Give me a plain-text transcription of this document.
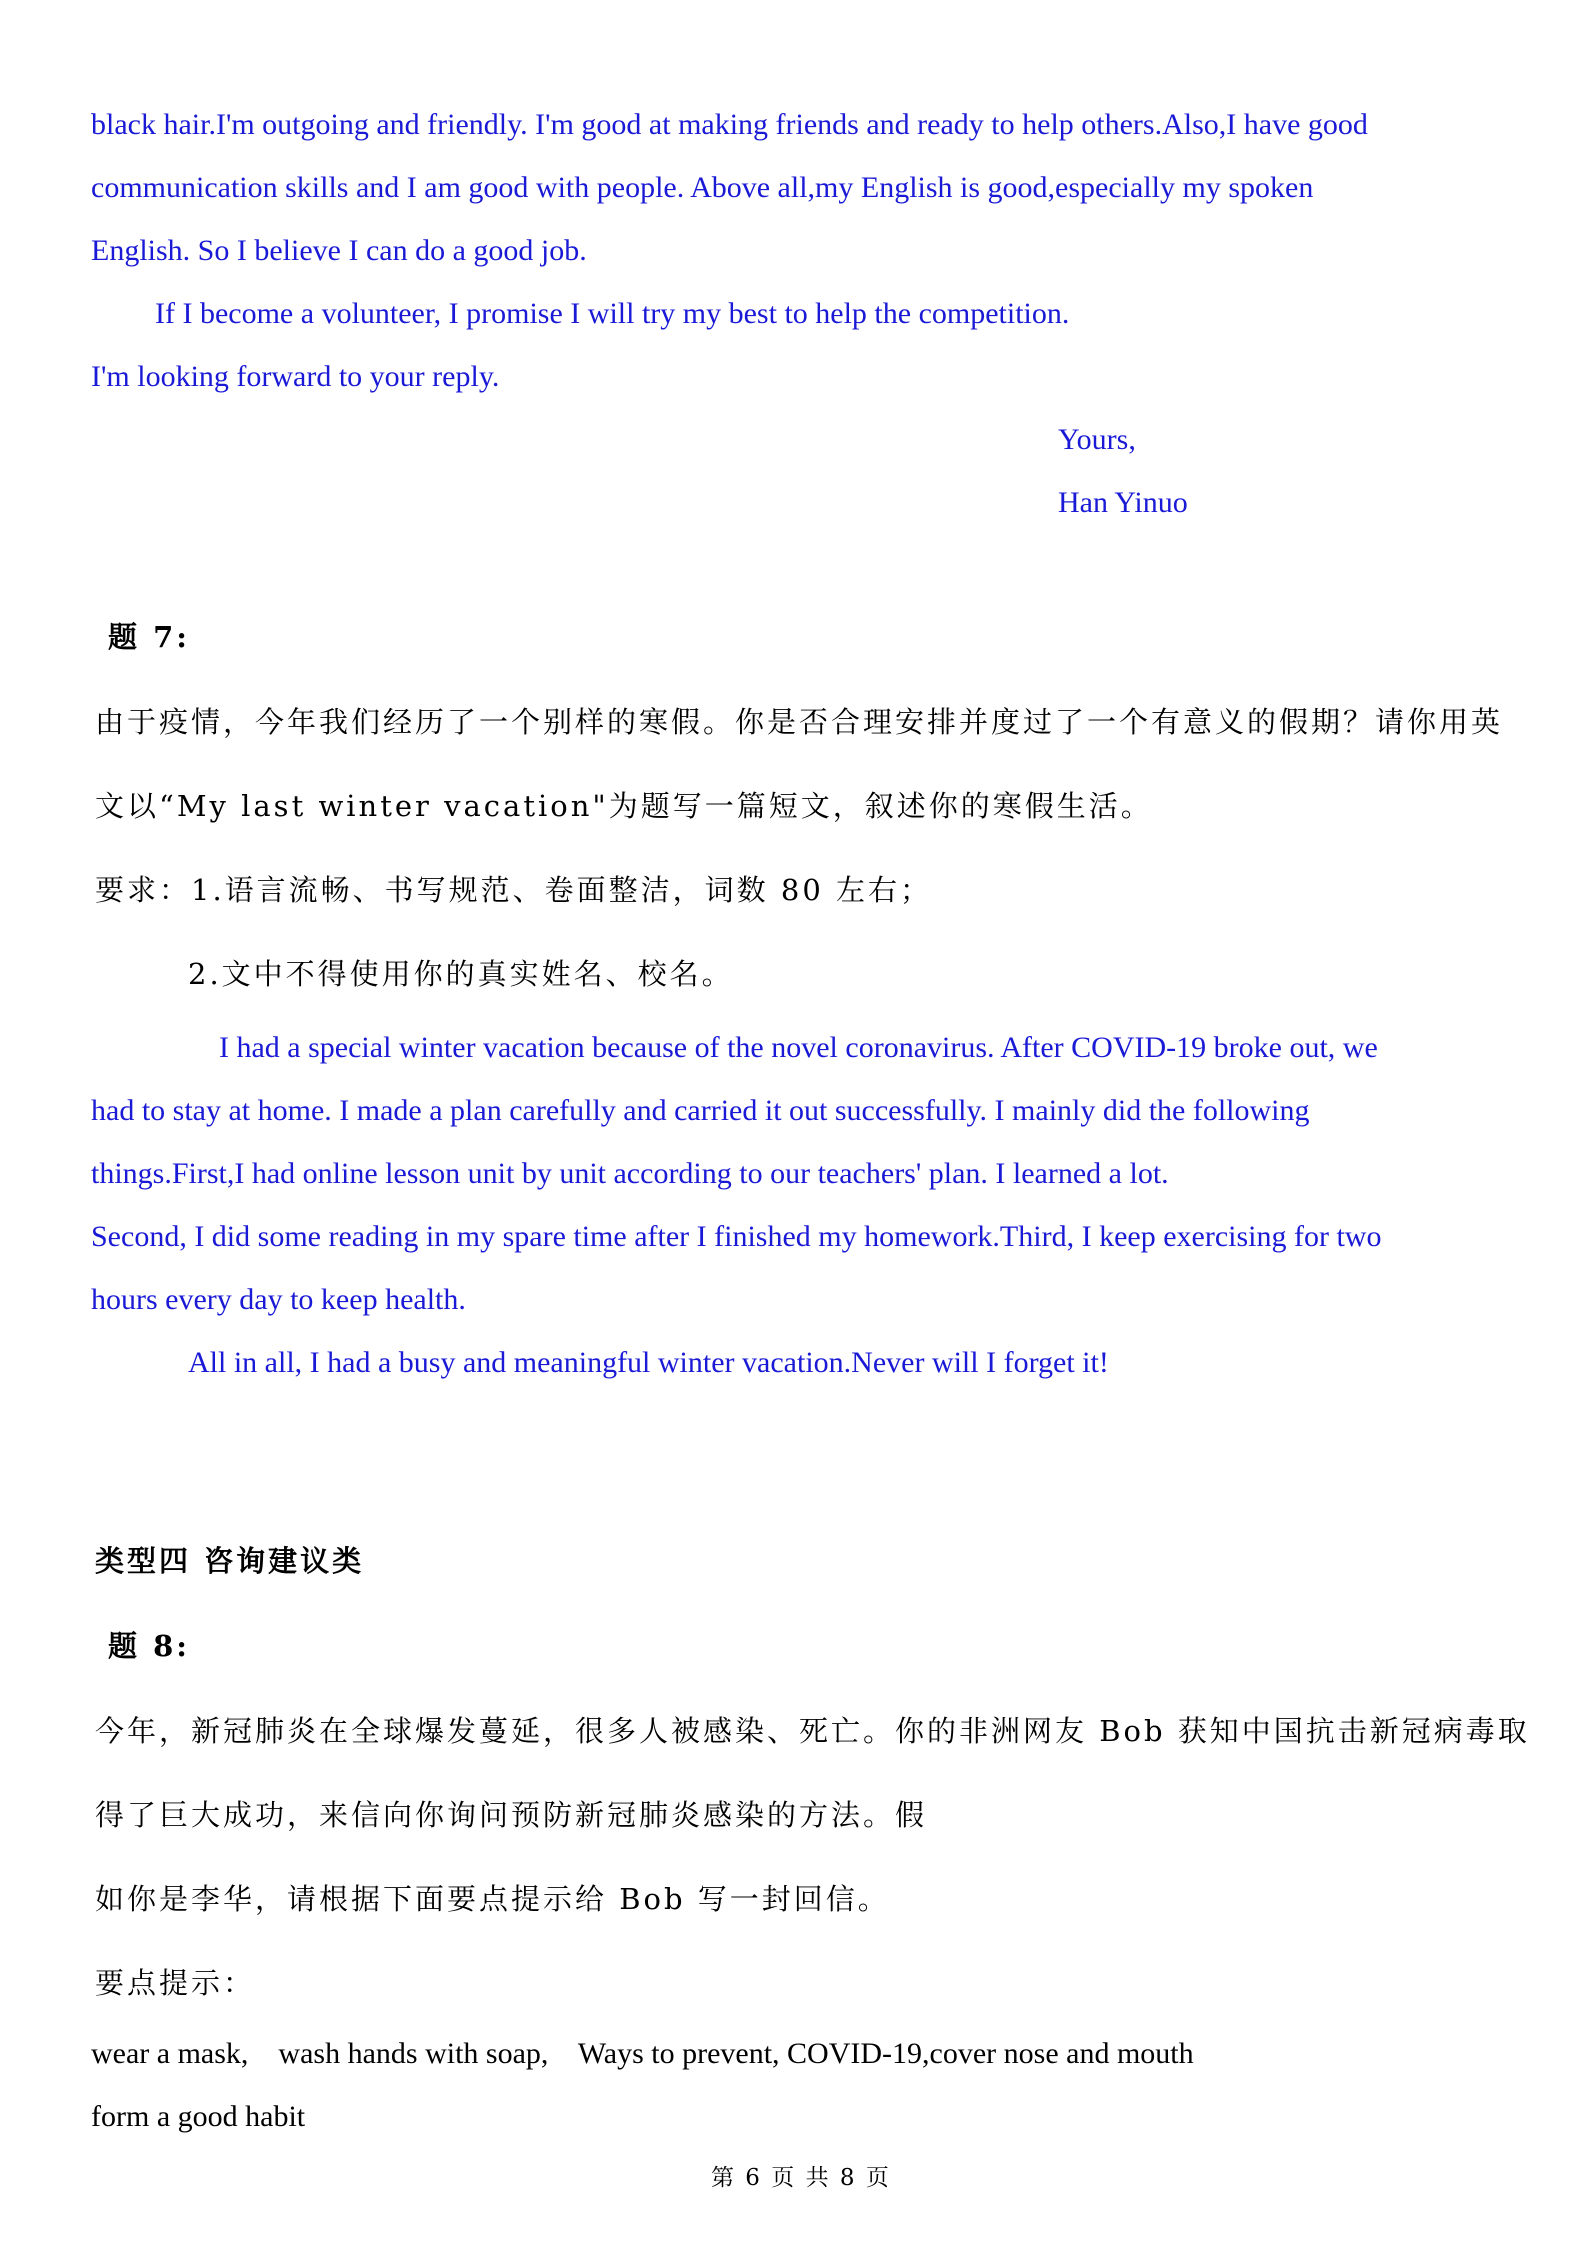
black hair.I'm outgoing and friendly. I'm good at making friends and ready to help others.Also,I have good
communication skills and I am good with people. Above all,my English is good,especially my spoken
English. So I believe I can do a good job.
If I become a volunteer, I promise I will try my best to help the competition.
I'm looking forward to your reply.
Yours,
Han Yinuo
题 7:
由于疫情，今年我们经历了一个别样的寒假。你是否合理安排并度过了一个有意义的假期？请你用英
文以“My last winter vacation"为题写一篇短文，叙述你的寒假生活。
要求：1.语言流畅、书写规范、卷面整洁，词数 80 左右；
2.文中不得使用你的真实姓名、校名。
I had a special winter vacation because of the novel coronavirus. After COVID-19 broke out, we
had to stay at home. I made a plan carefully and carried it out successfully. I mainly did the following
things.First,I had online lesson unit by unit according to our teachers' plan. I learned a lot.
Second, I did some reading in my spare time after I finished my homework.Third, I keep exercising for two
hours every day to keep health.
All in all, I had a busy and meaningful winter vacation.Never will I forget it!
类型四 咨询建议类
题 8:
今年，新冠肺炎在全球爆发蔓延，很多人被感染、死亡。你的非洲网友 Bob 获知中国抗击新冠病毒取
得了巨大成功，来信向你询问预防新冠肺炎感染的方法。假
如你是李华，请根据下面要点提示给 Bob 写一封回信。
要点提示：
wear a mask,    wash hands with soap,    Ways to prevent, COVID-19,cover nose and mouth
form a good habit
第 6 页 共 8 页
